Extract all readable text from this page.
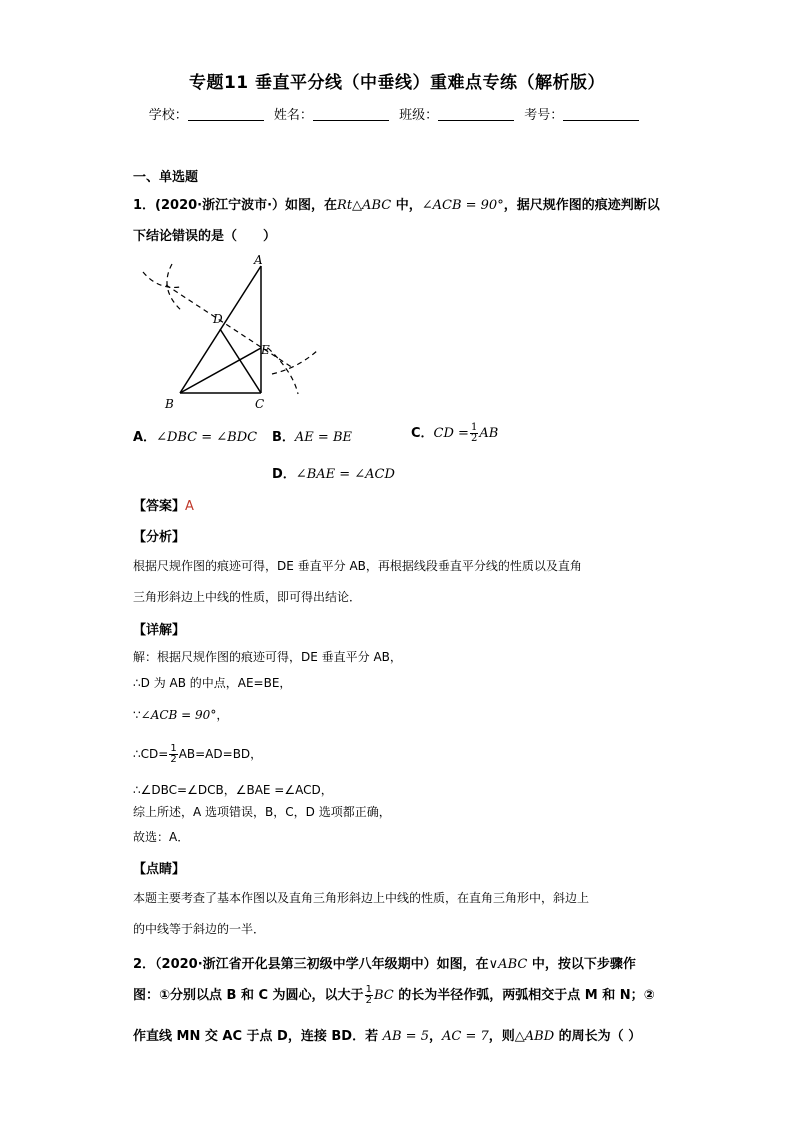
专题11 垂直平分线（中垂线）重难点专练（解析版）
学校：	姓名：	班级：	考号：
一、单选题
1．(2020·浙江宁波市·）如图，在Rt△ABC 中，∠ACB = 90°，据尺规作图的痕迹判断以
下结论错误的是（　　）
A
B	C
D
E
A．∠DBC = ∠BDC B．AE = BE	C．CD = $\frac{1}{2}$ AB
D．∠BAE = ∠ACD
【答案】A
【分析】
根据尺规作图的痕迹可得，DE 垂直平分 AB，再根据线段垂直平分线的性质以及直角
三角形斜边上中线的性质，即可得出结论．
【详解】
解：根据尺规作图的痕迹可得，DE 垂直平分 AB，
∴D 为 AB 的中点，AE=BE，
∵∠ACB = 90°，
∴CD= $\frac{1}{2} AB=AD=BD$，
∴∠DBC=∠DCB，∠BAE =∠ACD，
综上所述，A 选项错误，B，C，D 选项都正确，
故选：A．
【点睛】
本题主要考查了基本作图以及直角三角形斜边上中线的性质，在直角三角形中，斜边上
的中线等于斜边的一半．
2．（2020·浙江省开化县第三初级中学八年级期中）如图，在∨ABC 中，按以下步骤作
图：①分别以点 B 和 C 为圆心，以大于 $\frac{1}{2}$ BC 的长为半径作弧，两弧相交于点 M 和 N；②
作直线 MN 交 AC 于点 D，连接 BD．若 AB = 5，AC = 7，则△ABD 的周长为（ ）
